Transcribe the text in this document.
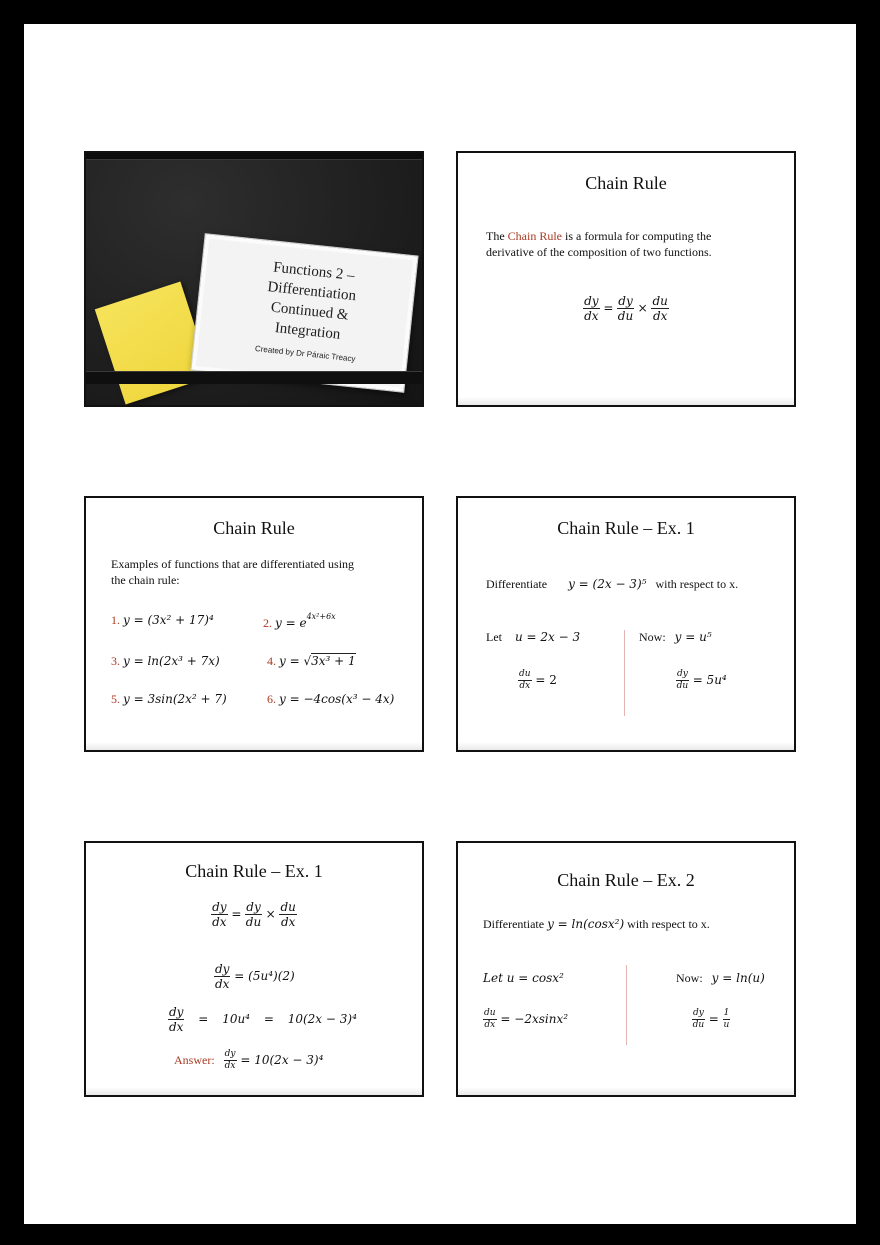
Functions 2 –
Differentiation
Continued &
Integration
Created by Dr Páraic Treacy
Chain Rule
The Chain Rule is a formula for computing the
derivative of the composition of two functions.
$\frac{dy}{dx} = \frac{dy}{du} \times \frac{du}{dx}$
Chain Rule
Examples of functions that are differentiated using
the chain rule:
1. y = (3x² + 17)⁴	2. $y = e^{4x^2+6x}$
3. y = ln(2x³ + 7x)	4. y = √3x³ + 1
5. y = 3sin(2x² + 7)	6. y = −4cos(x³ − 4x)
Chain Rule – Ex. 1
Differentiate y = (2x − 3)⁵ with respect to x.
Let u = 2x − 3
$\frac{du}{dx} = 2$
Now: y = u⁵
$\frac{dy}{du} = 5u^4$
Chain Rule – Ex. 1
$\frac{dy}{dx} = \frac{dy}{du} \times \frac{du}{dx}$
$\frac{dy}{dx} = (5u^4)(2)$
$\frac{dy}{dx} = 10u^4 = 10(2x - 3)^4$
Answer: $\frac{dy}{dx} = 10(2x - 3)^4$
Chain Rule – Ex. 2
Differentiate y = ln(cosx²) with respect to x.
Let u = cosx²
$\frac{du}{dx} = -2xsinx^2$
Now: y = ln(u)
$\frac{dy}{du} = \frac{1}{u}$
